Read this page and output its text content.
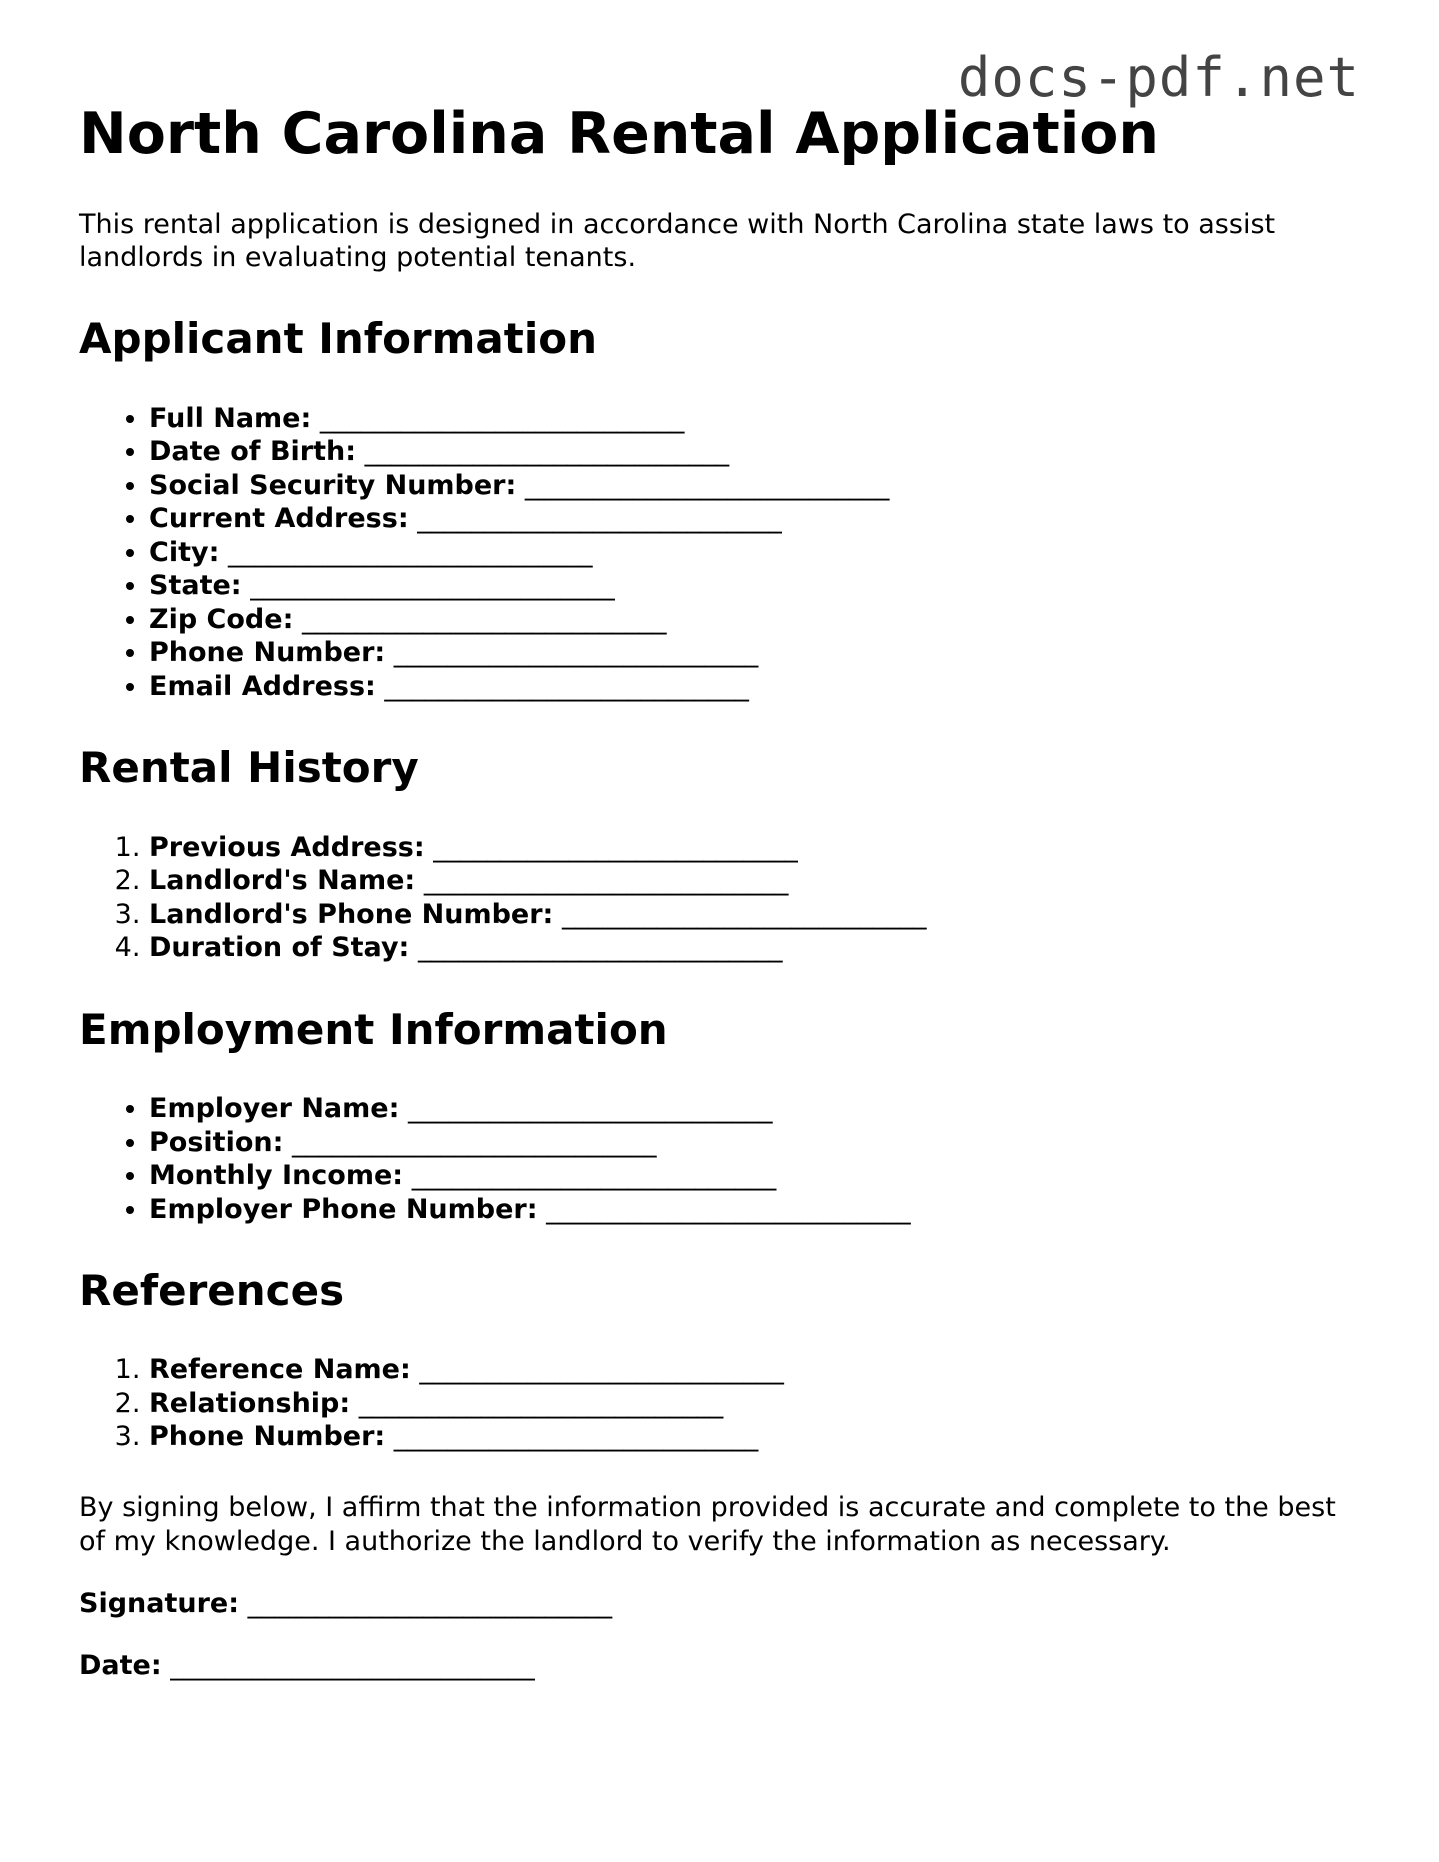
docs-pdf.net
North Carolina Rental Application

This rental application is designed in accordance with North Carolina state laws to assist landlords in evaluating potential tenants.

Applicant Information
• Full Name: ___________________________
• Date of Birth: ___________________________
• Social Security Number: ___________________________
• Current Address: ___________________________
• City: ___________________________
• State: ___________________________
• Zip Code: ___________________________
• Phone Number: ___________________________
• Email Address: ___________________________
Rental History
1. Previous Address: ___________________________
2. Landlord's Name: ___________________________
3. Landlord's Phone Number: ___________________________
4. Duration of Stay: ___________________________
Employment Information
• Employer Name: ___________________________
• Position: ___________________________
• Monthly Income: ___________________________
• Employer Phone Number: ___________________________
References
1. Reference Name: ___________________________
2. Relationship: ___________________________
3. Phone Number: ___________________________

By signing below, I affirm that the information provided is accurate and complete to the best of my knowledge. I authorize the landlord to verify the information as necessary.

Signature: ___________________________

Date: ___________________________
